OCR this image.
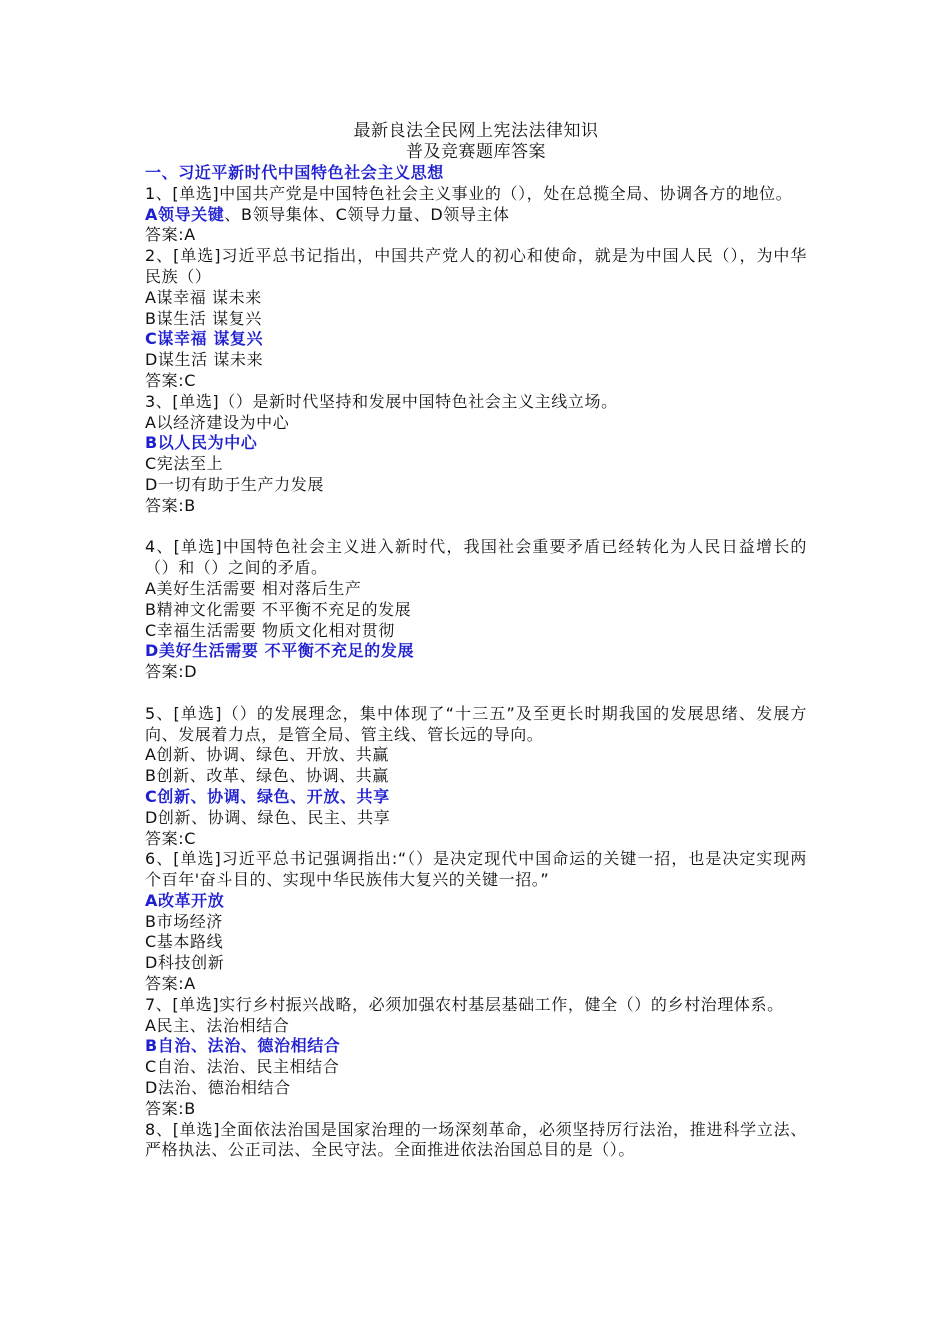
最新良法全民网上宪法法律知识
普及竞赛题库答案
一、习近平新时代中国特色社会主义思想
1、[单选]中国共产党是中国特色社会主义事业的（），处在总揽全局、协调各方的地位。
A领导关键、B领导集体、C领导力量、D领导主体
答案:A
2、[单选]习近平总书记指出，中国共产党人的初心和使命，就是为中国人民（），为中华民族（）
A谋幸福 谋未来
B谋生活 谋复兴
C谋幸福 谋复兴
D谋生活 谋未来
答案:C
3、[单选]（）是新时代坚持和发展中国特色社会主义主线立场。
A以经济建设为中心
B以人民为中心
C宪法至上
D一切有助于生产力发展
答案:B
4、[单选]中国特色社会主义进入新时代，我国社会重要矛盾已经转化为人民日益增长的（）和（）之间的矛盾。
A美好生活需要 相对落后生产
B精神文化需要 不平衡不充足的发展
C幸福生活需要 物质文化相对贯彻
D美好生活需要 不平衡不充足的发展
答案:D
5、[单选]（）的发展理念，集中体现了“十三五”及至更长时期我国的发展思绪、发展方向、发展着力点，是管全局、管主线、管长远的导向。
A创新、协调、绿色、开放、共赢
B创新、改革、绿色、协调、共赢
C创新、协调、绿色、开放、共享
D创新、协调、绿色、民主、共享
答案:C
6、[单选]习近平总书记强调指出:“（）是决定现代中国命运的关键一招，也是决定实现两个百年'奋斗目的、实现中华民族伟大复兴的关键一招。”
A改革开放
B市场经济
C基本路线
D科技创新
答案:A
7、[单选]实行乡村振兴战略，必须加强农村基层基础工作，健全（）的乡村治理体系。
A民主、法治相结合
B自治、法治、德治相结合
C自治、法治、民主相结合
D法治、德治相结合
答案:B
8、[单选]全面依法治国是国家治理的一场深刻革命，必须坚持厉行法治，推进科学立法、严格执法、公正司法、全民守法。全面推进依法治国总目的是（）。
